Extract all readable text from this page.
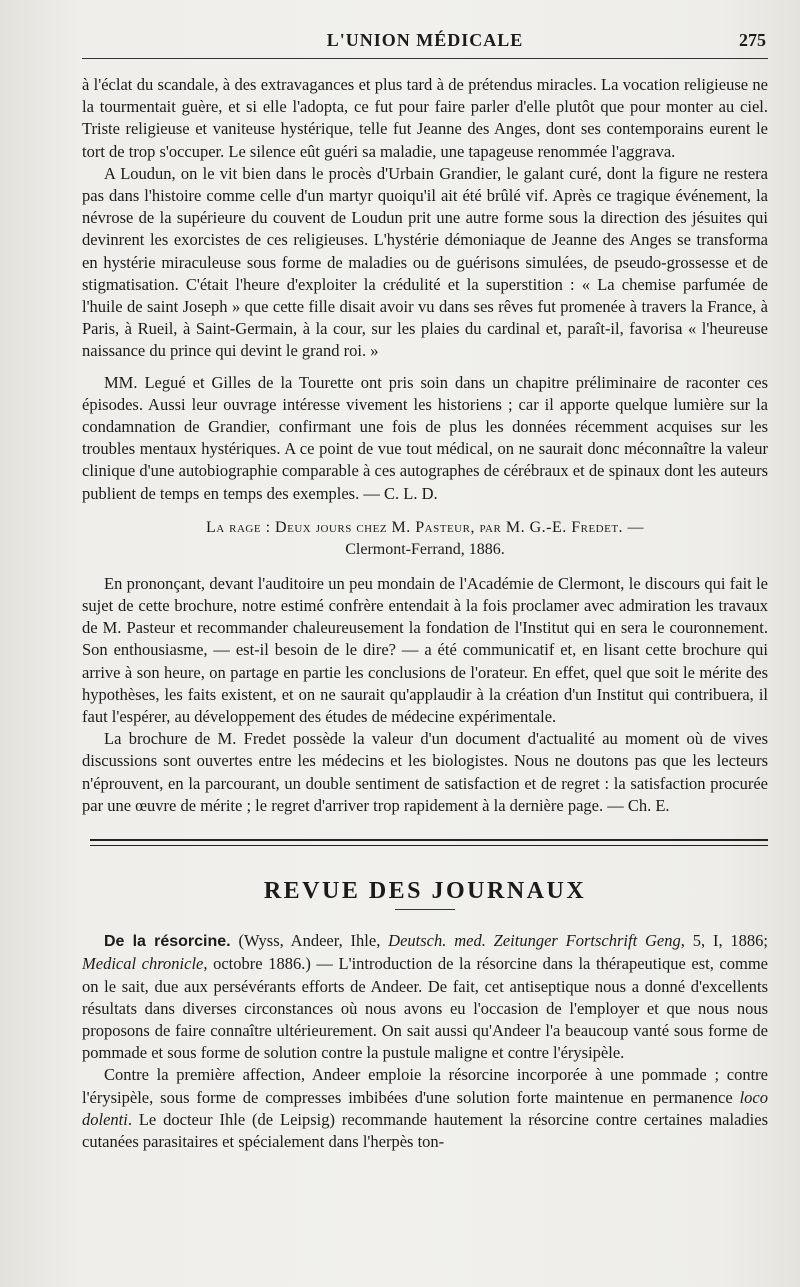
L'UNION MÉDICALE	275

à l'éclat du scandale, à des extravagances et plus tard à de prétendus miracles. La vocation religieuse ne la tourmentait guère, et si elle l'adopta, ce fut pour faire parler d'elle plutôt que pour monter au ciel. Triste religieuse et vaniteuse hystérique, telle fut Jeanne des Anges, dont ses contemporains eurent le tort de trop s'occuper. Le silence eût guéri sa maladie, une tapageuse renommée l'aggrava.

A Loudun, on le vit bien dans le procès d'Urbain Grandier, le galant curé, dont la figure ne restera pas dans l'histoire comme celle d'un martyr quoiqu'il ait été brûlé vif. Après ce tragique événement, la névrose de la supérieure du couvent de Loudun prit une autre forme sous la direction des jésuites qui devinrent les exorcistes de ces religieuses. L'hystérie démoniaque de Jeanne des Anges se transforma en hystérie miraculeuse sous forme de maladies ou de guérisons simulées, de pseudo-grossesse et de stigmatisation. C'était l'heure d'exploiter la crédulité et la superstition : « La chemise parfumée de l'huile de saint Joseph » que cette fille disait avoir vu dans ses rêves fut promenée à travers la France, à Paris, à Rueil, à Saint-Germain, à la cour, sur les plaies du cardinal et, paraît-il, favorisa « l'heureuse naissance du prince qui devint le grand roi. »

MM. Legué et Gilles de la Tourette ont pris soin dans un chapitre préliminaire de raconter ces épisodes. Aussi leur ouvrage intéresse vivement les historiens ; car il apporte quelque lumière sur la condamnation de Grandier, confirmant une fois de plus les données récemment acquises sur les troubles mentaux hystériques. A ce point de vue tout médical, on ne saurait donc méconnaître la valeur clinique d'une autobiographie comparable à ces autographes de cérébraux et de spinaux dont les auteurs publient de temps en temps des exemples. — C. L. D.

La rage : Deux jours chez M. Pasteur, par M. G.-E. Fredet. —
Clermont-Ferrand, 1886.

En prononçant, devant l'auditoire un peu mondain de l'Académie de Clermont, le discours qui fait le sujet de cette brochure, notre estimé confrère entendait à la fois proclamer avec admiration les travaux de M. Pasteur et recommander chaleureusement la fondation de l'Institut qui en sera le couronnement. Son enthousiasme, — est-il besoin de le dire? — a été communicatif et, en lisant cette brochure qui arrive à son heure, on partage en partie les conclusions de l'orateur. En effet, quel que soit le mérite des hypothèses, les faits existent, et on ne saurait qu'applaudir à la création d'un Institut qui contribuera, il faut l'espérer, au développement des études de médecine expérimentale.

La brochure de M. Fredet possède la valeur d'un document d'actualité au moment où de vives discussions sont ouvertes entre les médecins et les biologistes. Nous ne doutons pas que les lecteurs n'éprouvent, en la parcourant, un double sentiment de satisfaction et de regret : la satisfaction procurée par une œuvre de mérite ; le regret d'arriver trop rapidement à la dernière page. — Ch. E.

REVUE DES JOURNAUX

De la résorcine. (Wyss, Andeer, Ihle, Deutsch. med. Zeitunger Fortschrift Geng, 5, I, 1886; Medical chronicle, octobre 1886.) — L'introduction de la résorcine dans la thérapeutique est, comme on le sait, due aux persévérants efforts de Andeer. De fait, cet antiseptique nous a donné d'excellents résultats dans diverses circonstances où nous avons eu l'occasion de l'employer et que nous nous proposons de faire connaître ultérieurement. On sait aussi qu'Andeer l'a beaucoup vanté sous forme de pommade et sous forme de solution contre la pustule maligne et contre l'érysipèle.

Contre la première affection, Andeer emploie la résorcine incorporée à une pommade ; contre l'érysipèle, sous forme de compresses imbibées d'une solution forte maintenue en permanence loco dolenti. Le docteur Ihle (de Leipsig) recommande hautement la résorcine contre certaines maladies cutanées parasitaires et spécialement dans l'herpès ton-
